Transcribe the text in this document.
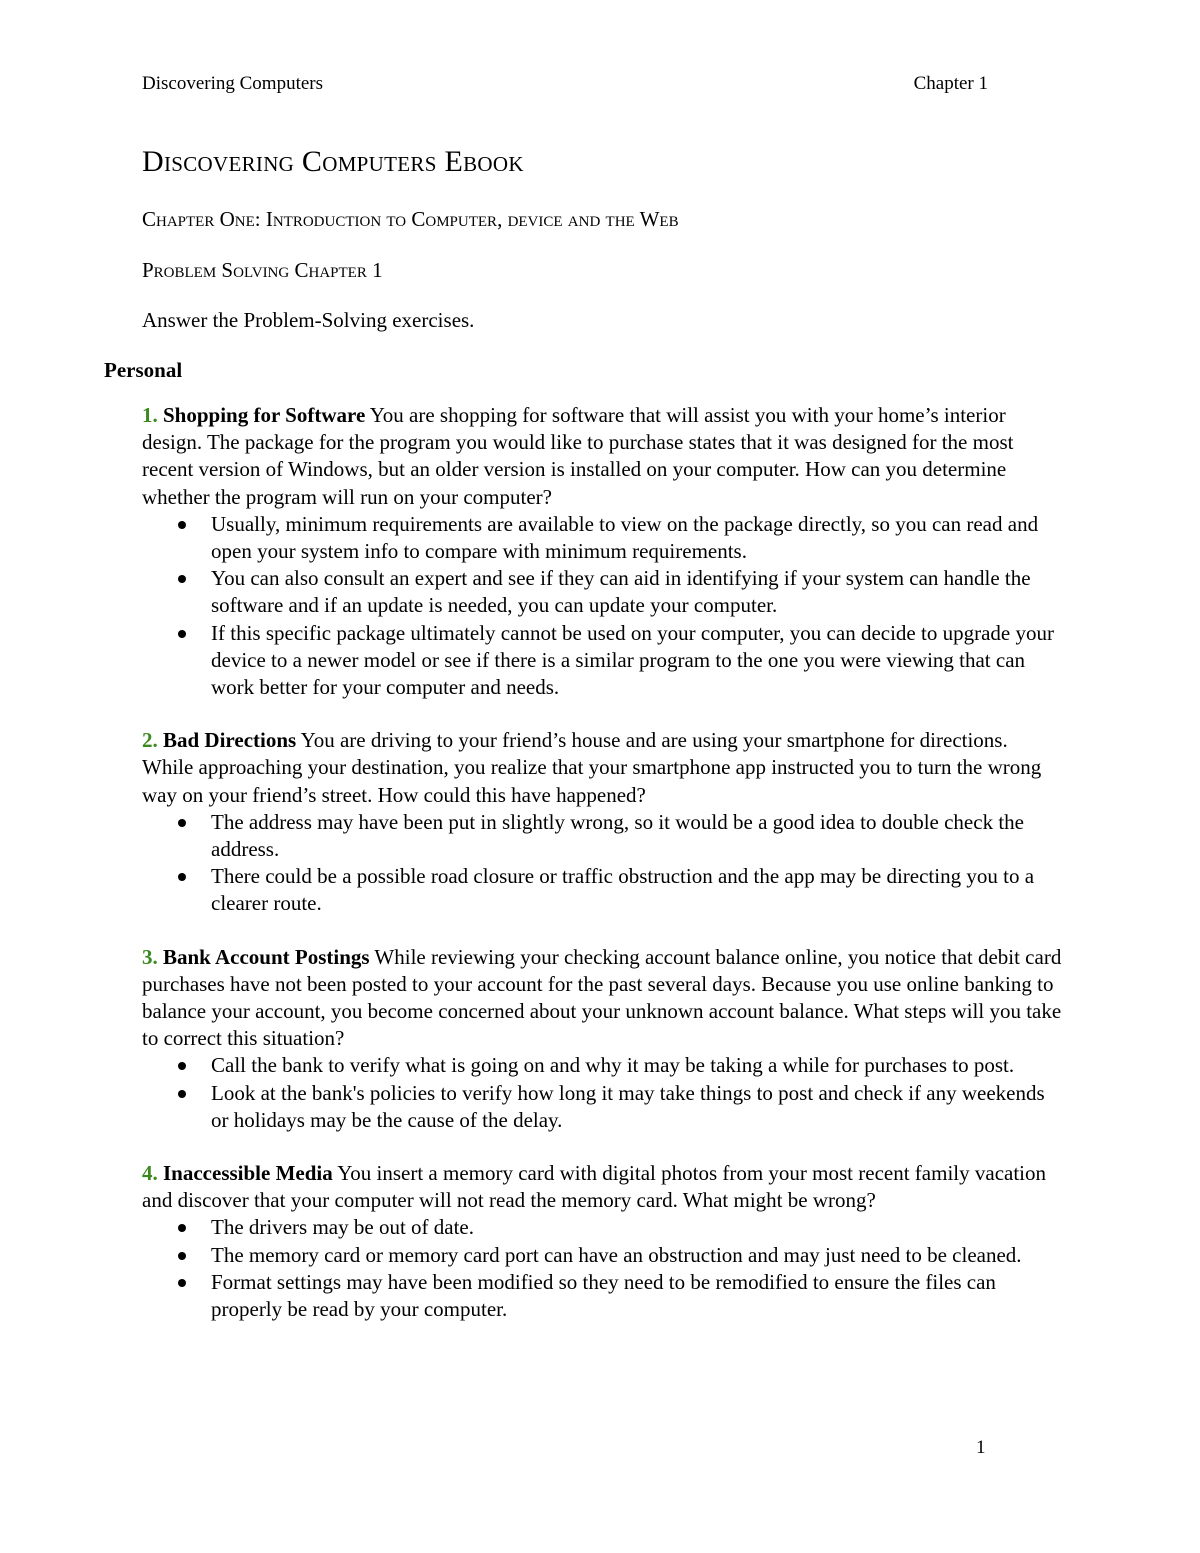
Discovering Computers	Chapter 1
Discovering Computers Ebook
Chapter One: Introduction to Computer, device and the Web
Problem Solving Chapter 1
Answer the Problem-Solving exercises.
Personal

1. Shopping for Software You are shopping for software that will assist you with your home’s interior design. The package for the program you would like to purchase states that it was designed for the most recent version of Windows, but an older version is installed on your computer. How can you determine whether the program will run on your computer?

Usually, minimum requirements are available to view on the package directly, so you can read and open your system info to compare with minimum requirements.
You can also consult an expert and see if they can aid in identifying if your system can handle the software and if an update is needed, you can update your computer.
If this specific package ultimately cannot be used on your computer, you can decide to upgrade your device to a newer model or see if there is a similar program to the one you were viewing that can work better for your computer and needs.

2. Bad Directions You are driving to your friend’s house and are using your smartphone for directions. While approaching your destination, you realize that your smartphone app instructed you to turn the wrong way on your friend’s street. How could this have happened?

The address may have been put in slightly wrong, so it would be a good idea to double check the address.
There could be a possible road closure or traffic obstruction and the app may be directing you to a clearer route.

3. Bank Account Postings While reviewing your checking account balance online, you notice that debit card purchases have not been posted to your account for the past several days. Because you use online banking to balance your account, you become concerned about your unknown account balance. What steps will you take to correct this situation?

Call the bank to verify what is going on and why it may be taking a while for purchases to post.
Look at the bank's policies to verify how long it may take things to post and check if any weekends or holidays may be the cause of the delay.

4. Inaccessible Media You insert a memory card with digital photos from your most recent family vacation and discover that your computer will not read the memory card. What might be wrong?

The drivers may be out of date.
The memory card or memory card port can have an obstruction and may just need to be cleaned.
Format settings may have been modified so they need to be remodified to ensure the files can properly be read by your computer.
1
